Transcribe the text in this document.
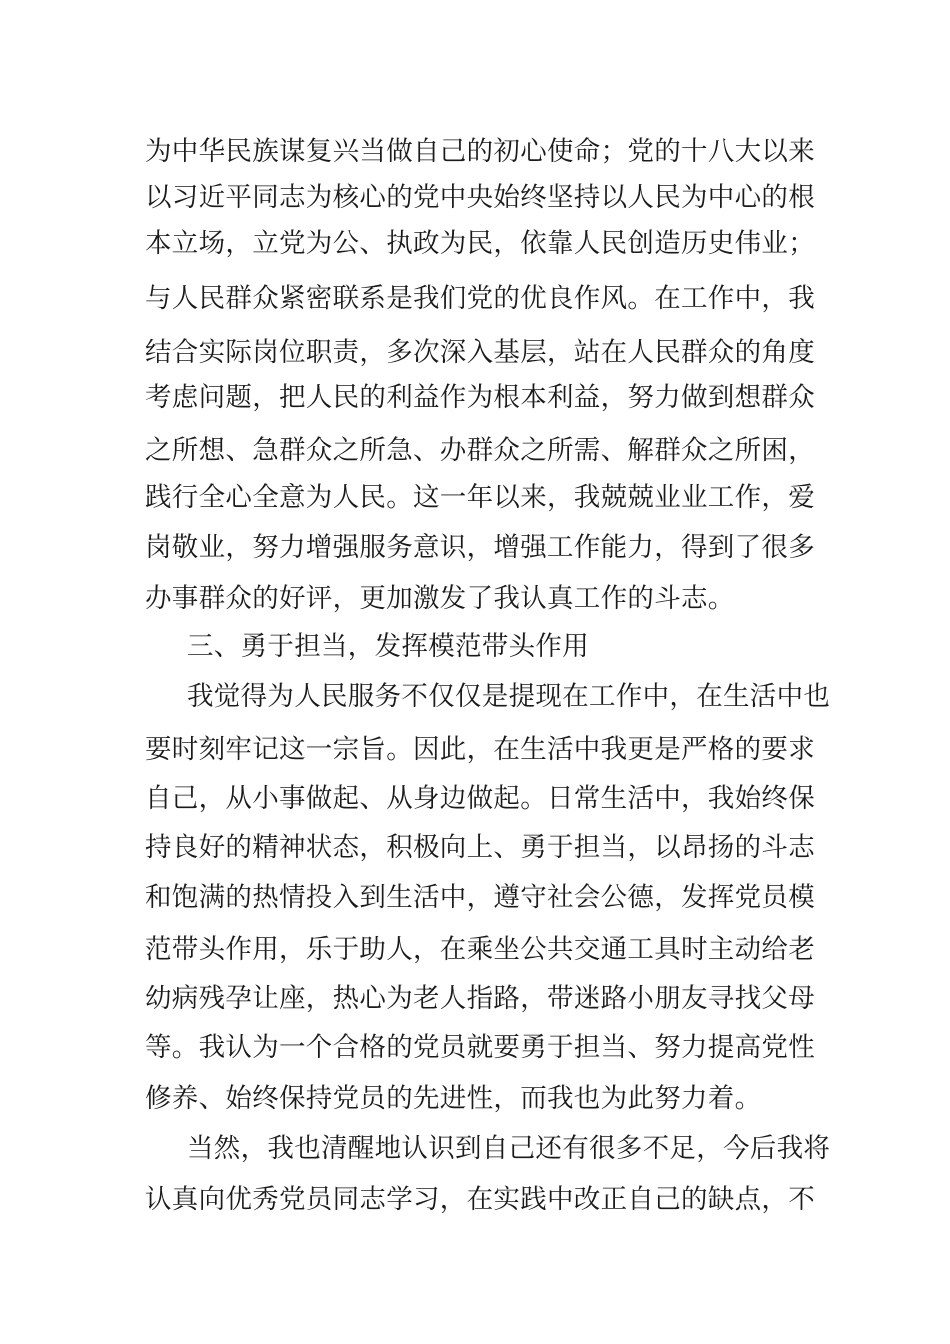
为中华民族谋复兴当做自己的初心使命；党的十八大以来
以习近平同志为核心的党中央始终坚持以人民为中心的根
本立场，立党为公、执政为民，依靠人民创造历史伟业；
与人民群众紧密联系是我们党的优良作风。在工作中，我
结合实际岗位职责，多次深入基层，站在人民群众的角度
考虑问题，把人民的利益作为根本利益，努力做到想群众
之所想、急群众之所急、办群众之所需、解群众之所困，
践行全心全意为人民。这一年以来，我兢兢业业工作，爱
岗敬业，努力增强服务意识，增强工作能力，得到了很多
办事群众的好评，更加激发了我认真工作的斗志。
三、勇于担当，发挥模范带头作用
我觉得为人民服务不仅仅是提现在工作中，在生活中也
要时刻牢记这一宗旨。因此，在生活中我更是严格的要求
自己，从小事做起、从身边做起。日常生活中，我始终保
持良好的精神状态，积极向上、勇于担当，以昂扬的斗志
和饱满的热情投入到生活中，遵守社会公德，发挥党员模
范带头作用，乐于助人，在乘坐公共交通工具时主动给老
幼病残孕让座，热心为老人指路，带迷路小朋友寻找父母
等。我认为一个合格的党员就要勇于担当、努力提高党性
修养、始终保持党员的先进性，而我也为此努力着。
当然，我也清醒地认识到自己还有很多不足，今后我将
认真向优秀党员同志学习，在实践中改正自己的缺点，不
